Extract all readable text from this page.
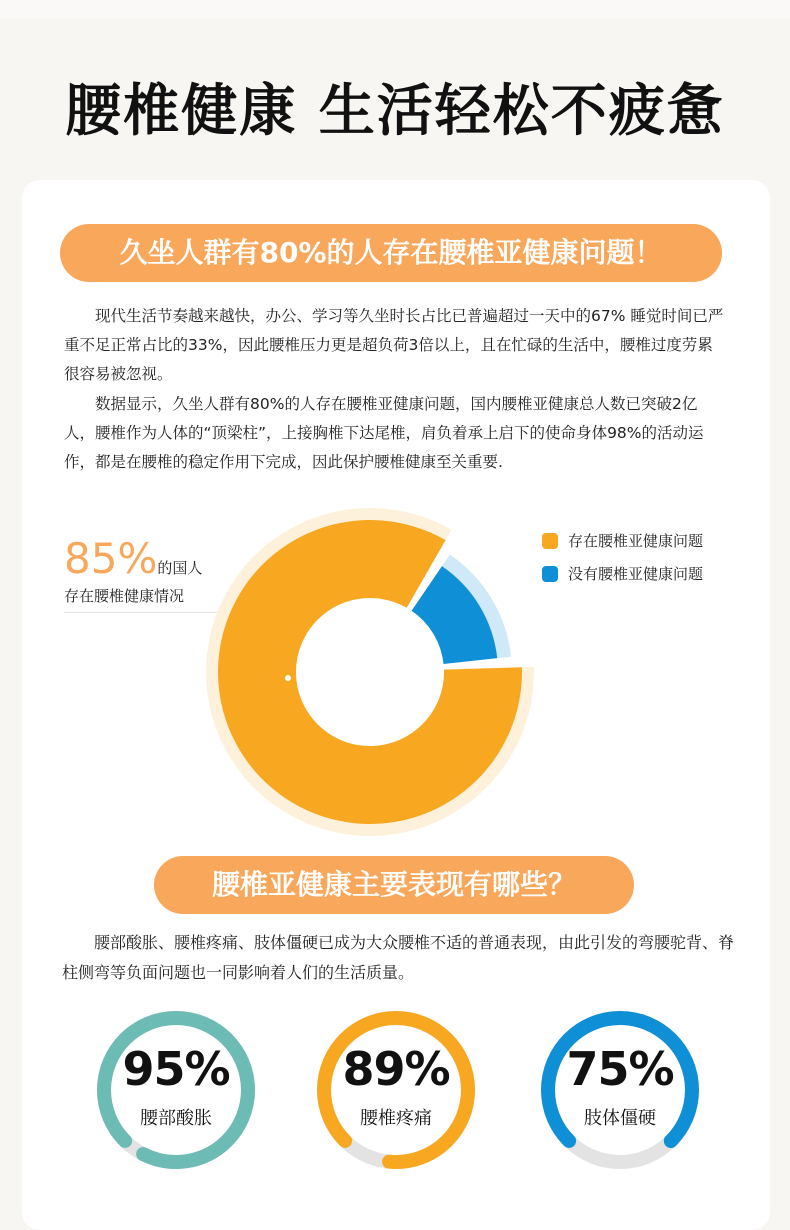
腰椎健康 生活轻松不疲惫
久坐人群有80%的人存在腰椎亚健康问题！

现代生活节奏越来越快，办公、学习等久坐时长占比已普遍超过一天中的67% 睡觉时间已严重不足正常占比的33%，因此腰椎压力更是超负荷3倍以上，且在忙碌的生活中，腰椎过度劳累很容易被忽视。

数据显示，久坐人群有80%的人存在腰椎亚健康问题，国内腰椎亚健康总人数已突破2亿人，腰椎作为人体的“顶梁柱”，上接胸椎下达尾椎，肩负着承上启下的使命身体98%的活动运作，都是在腰椎的稳定作用下完成，因此保护腰椎健康至关重要.

85%的国人
存在腰椎健康情况
存在腰椎亚健康问题
没有腰椎亚健康问题
腰椎亚健康主要表现有哪些？

腰部酸胀、腰椎疼痛、肢体僵硬已成为大众腰椎不适的普通表现，由此引发的弯腰驼背、脊柱侧弯等负面问题也一同影响着人们的生活质量。

95%
腰部酸胀
89%
腰椎疼痛
75%
肢体僵硬
